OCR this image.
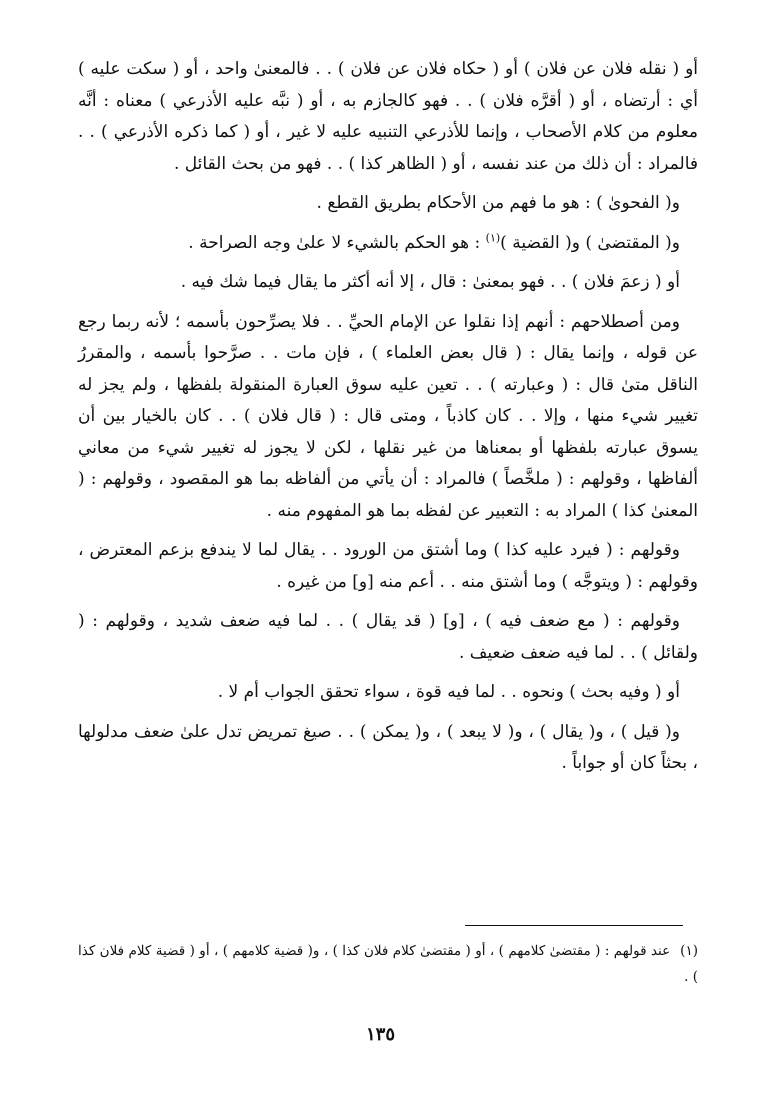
أو ( نقله فلان عن فلان ) أو ( حكاه فلان عن فلان ) . . فالمعنىٰ واحد ، أو ( سكت عليه ) أي : أرتضاه ، أو ( أقرَّه فلان ) . . فهو كالجازم به ، أو ( نبَّه عليه الأذرعي ) معناه : أنَّه معلوم من كلام الأصحاب ، وإنما للأذرعي التنبيه عليه لا غير ، أو ( كما ذكره الأذرعي ) . . فالمراد : أن ذلك من عند نفسه ، أو ( الظاهر كذا ) . . فهو من بحث القائل .

و( الفحوىٰ ) : هو ما فهم من الأحكام بطريق القطع .

و( المقتضىٰ ) و( القضية )$^{(١)}$ : هو الحكم بالشيء لا علىٰ وجه الصراحة .

أو ( زعمَ فلان ) . . فهو بمعنىٰ : قال ، إلا أنه أكثر ما يقال فيما شك فيه .

ومن أصطلاحهم : أنهم إذا نقلوا عن الإمام الحيِّ . . فلا يصرِّحون بأسمه ؛ لأنه ربما رجع عن قوله ، وإنما يقال : ( قال بعض العلماء ) ، فإن مات . . صرَّحوا بأسمه ، والمقررُ الناقل متىٰ قال : ( وعبارته ) . . تعين عليه سوق العبارة المنقولة بلفظها ، ولم يجز له تغيير شيء منها ، وإلا . . كان كاذباً ، ومتى قال : ( قال فلان ) . . كان بالخيار بين أن يسوق عبارته بلفظها أو بمعناها من غير نقلها ، لكن لا يجوز له تغيير شيء من معاني ألفاظها ، وقولهم : ( ملخَّصاً ) فالمراد : أن يأتي من ألفاظه بما هو المقصود ، وقولهم : ( المعنىٰ كذا ) المراد به : التعبير عن لفظه بما هو المفهوم منه .

وقولهم : ( فيرد عليه كذا ) وما أشتق من الورود . . يقال لما لا يندفع بزعم المعترض ، وقولهم : ( ويتوجَّه ) وما أشتق منه . . أعم منه [و] من غيره .

وقولهم : ( مع ضعف فيه ) ، [و] ( قد يقال ) . . لما فيه ضعف شديد ، وقولهم : ( ولقائل ) . . لما فيه ضعف ضعيف .

أو ( وفيه بحث ) ونحوه . . لما فيه قوة ، سواء تحقق الجواب أم لا .

و( قيل ) ، و( يقال ) ، و( لا يبعد ) ، و( يمكن ) . . صيغ تمريض تدل علىٰ ضعف مدلولها ، بحثاً كان أو جواباً .

(١)عند قولهم : ( مقتضىٰ كلامهم ) ، أو ( مقتضىٰ كلام فلان كذا ) ، و( قضية كلامهم ) ، أو ( قضية كلام فلان كذا ) .

١٣٥
